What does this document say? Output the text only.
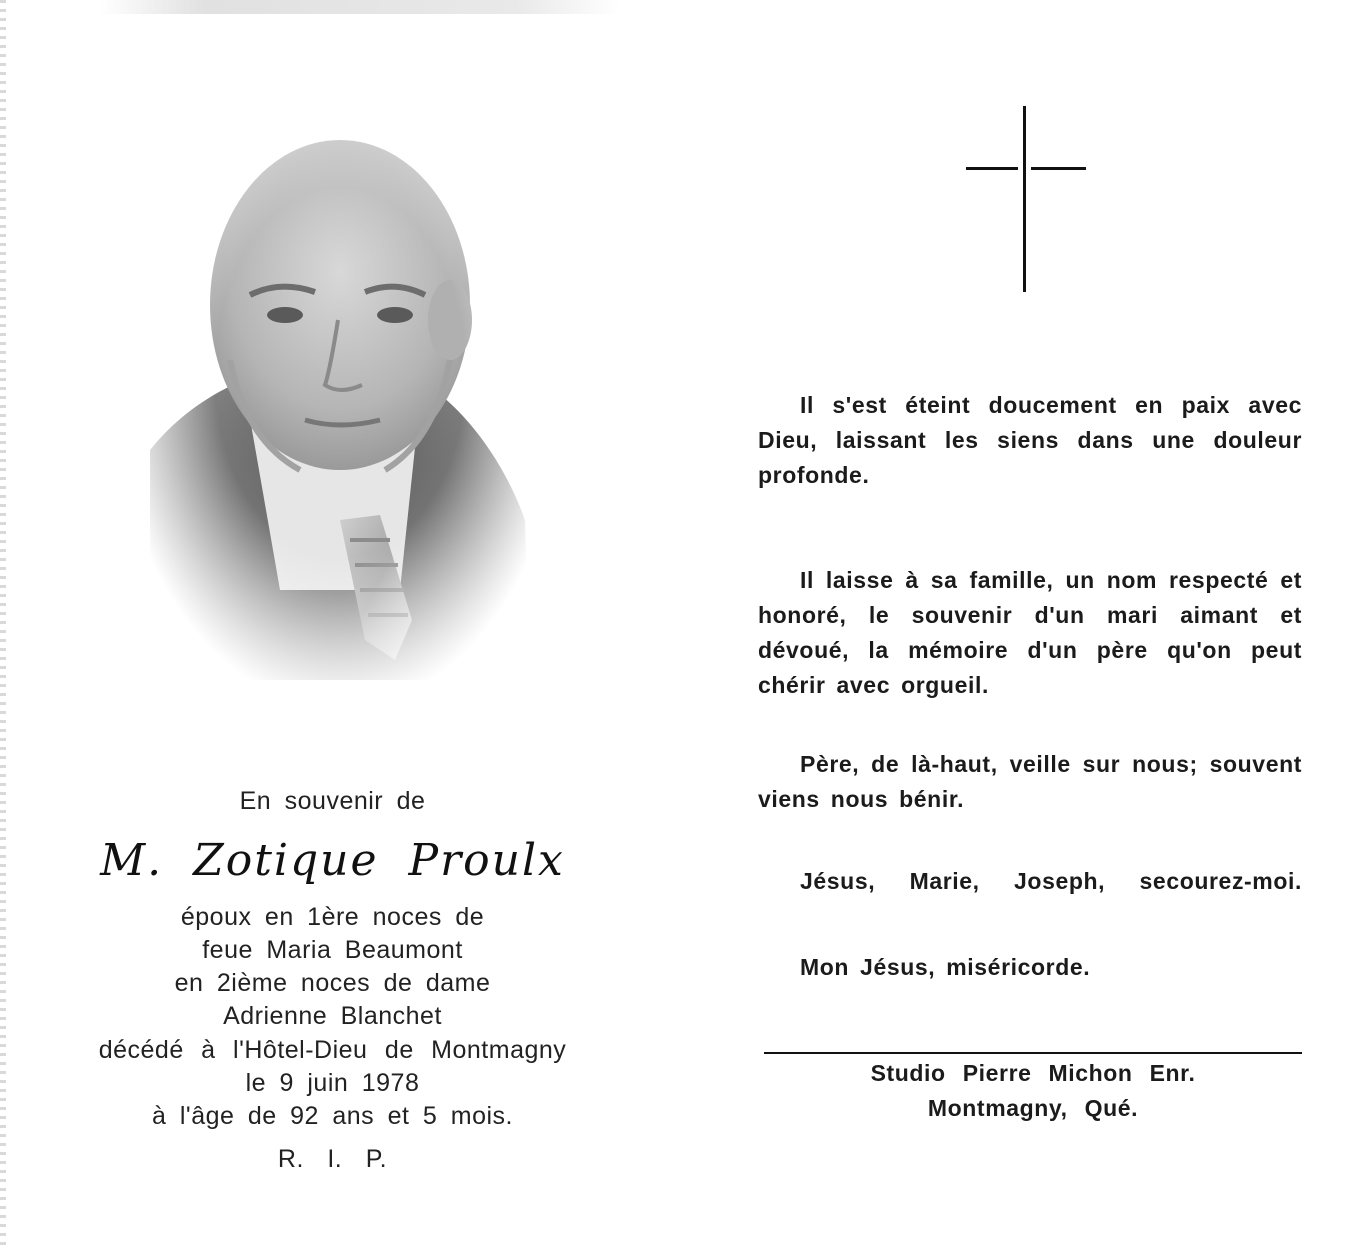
En souvenir de
M. Zotique Proulx
époux en 1ère noces de
feue Maria Beaumont
en 2ième noces de dame
Adrienne Blanchet
décédé à l'Hôtel-Dieu de Montmagny
le 9 juin 1978
à l'âge de 92 ans et 5 mois.
R. I. P.
Il s'est éteint doucement en paix avec Dieu, laissant les siens dans une douleur profonde.
Il laisse à sa famille, un nom respecté et honoré, le souvenir d'un mari aimant et dévoué, la mémoire d'un père qu'on peut chérir avec orgueil.
Père, de là-haut, veille sur nous; souvent viens nous bénir.
Jésus, Marie, Joseph, secourez-moi.
Mon Jésus, miséricorde.
Studio Pierre Michon Enr.
Montmagny, Qué.
